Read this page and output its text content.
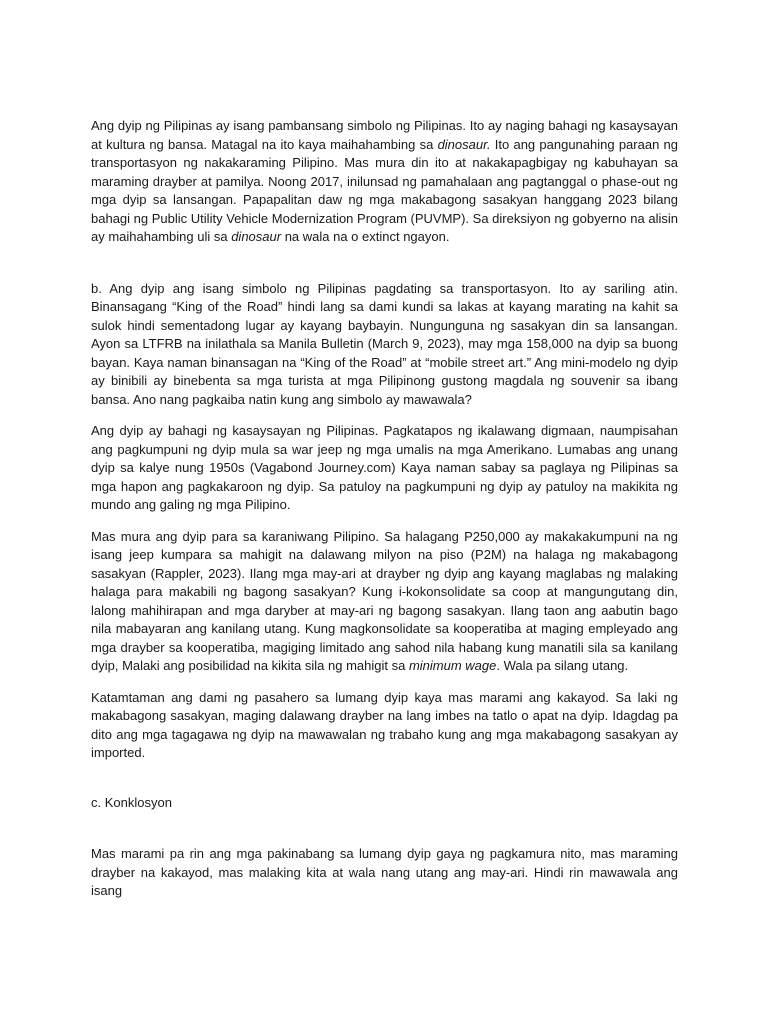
Ang dyip ng Pilipinas ay isang pambansang simbolo ng Pilipinas. Ito ay naging bahagi ng kasaysayan at kultura ng bansa. Matagal na ito kaya maihahambing sa dinosaur. Ito ang pangunahing paraan ng transportasyon ng nakakaraming Pilipino. Mas mura din ito at nakakapagbigay ng kabuhayan sa maraming drayber at pamilya. Noong 2017, inilunsad ng pamahalaan ang pagtanggal o phase-out ng mga dyip sa lansangan. Papapalitan daw ng mga makabagong sasakyan hanggang 2023 bilang bahagi ng Public Utility Vehicle Modernization Program (PUVMP). Sa direksiyon ng gobyerno na alisin ay maihahambing uli sa dinosaur na wala na o extinct ngayon.

b. Ang dyip ang isang simbolo ng Pilipinas pagdating sa transportasyon. Ito ay sariling atin. Binansagang “King of the Road” hindi lang sa dami kundi sa lakas at kayang marating na kahit sa sulok hindi sementadong lugar ay kayang baybayin. Nungunguna ng sasakyan din sa lansangan. Ayon sa LTFRB na inilathala sa Manila Bulletin (March 9, 2023), may mga 158,000 na dyip sa buong bayan. Kaya naman binansagan na “King of the Road” at “mobile street art.” Ang mini-modelo ng dyip ay binibili ay binebenta sa mga turista at mga Pilipinong gustong magdala ng souvenir sa ibang bansa. Ano nang pagkaiba natin kung ang simbolo ay mawawala?

Ang dyip ay bahagi ng kasaysayan ng Pilipinas. Pagkatapos ng ikalawang digmaan, naumpisahan ang pagkumpuni ng dyip mula sa war jeep ng mga umalis na mga Amerikano. Lumabas ang unang dyip sa kalye nung 1950s (Vagabond Journey.com) Kaya naman sabay sa paglaya ng Pilipinas sa mga hapon ang pagkakaroon ng dyip. Sa patuloy na pagkumpuni ng dyip ay patuloy na makikita ng mundo ang galing ng mga Pilipino.

Mas mura ang dyip para sa karaniwang Pilipino. Sa halagang P250,000 ay makakakumpuni na ng isang jeep kumpara sa mahigit na dalawang milyon na piso (P2M) na halaga ng makabagong sasakyan (Rappler, 2023). Ilang mga may-ari at drayber ng dyip ang kayang maglabas ng malaking halaga para makabili ng bagong sasakyan? Kung i-kokonsolidate sa coop at mangungutang din, lalong mahihirapan and mga daryber at may-ari ng bagong sasakyan. Ilang taon ang aabutin bago nila mabayaran ang kanilang utang. Kung magkonsolidate sa kooperatiba at maging empleyado ang mga drayber sa kooperatiba, magiging limitado ang sahod nila habang kung manatili sila sa kanilang dyip, Malaki ang posibilidad na kikita sila ng mahigit sa minimum wage. Wala pa silang utang.

Katamtaman ang dami ng pasahero sa lumang dyip kaya mas marami ang kakayod. Sa laki ng makabagong sasakyan, maging dalawang drayber na lang imbes na tatlo o apat na dyip. Idagdag pa dito ang mga tagagawa ng dyip na mawawalan ng trabaho kung ang mga makabagong sasakyan ay imported.

c. Konklosyon

Mas marami pa rin ang mga pakinabang sa lumang dyip gaya ng pagkamura nito, mas maraming drayber na kakayod, mas malaking kita at wala nang utang ang may-ari. Hindi rin mawawala ang isang
